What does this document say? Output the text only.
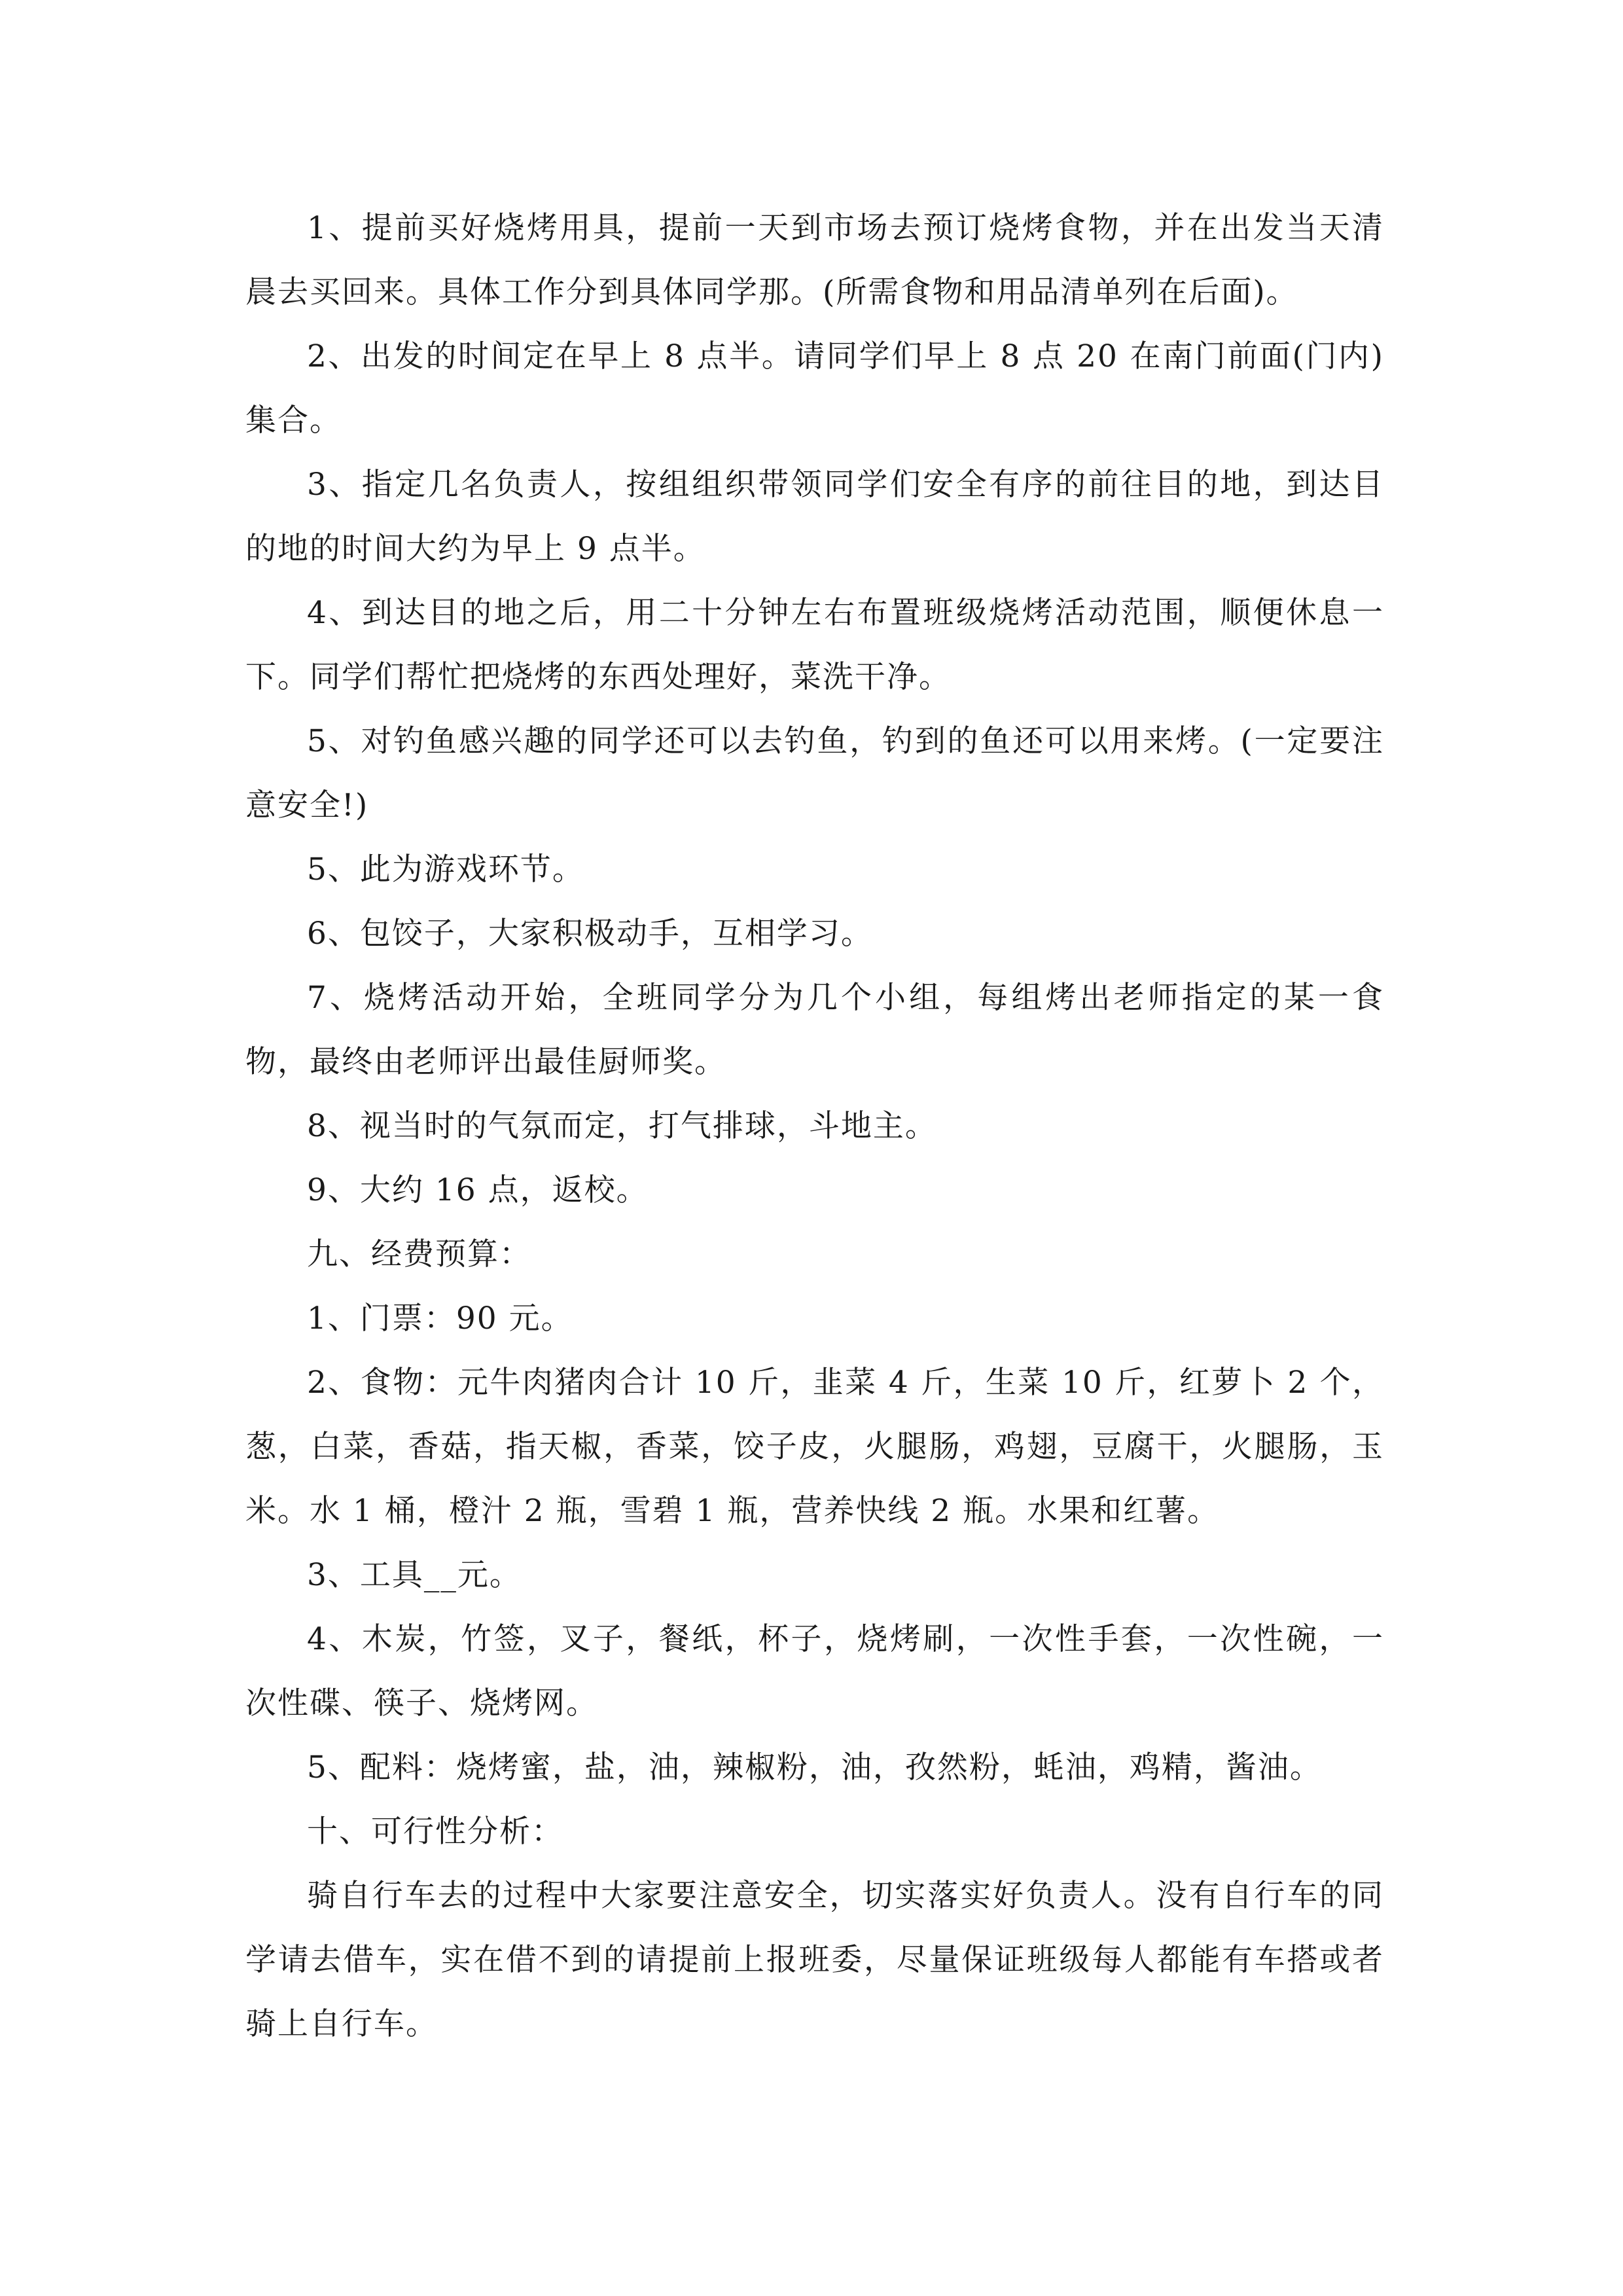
1、提前买好烧烤用具，提前一天到市场去预订烧烤食物，并在出发当天清晨去买回来。具体工作分到具体同学那。(所需食物和用品清单列在后面)。

2、出发的时间定在早上 8 点半。请同学们早上 8 点 20 在南门前面(门内)集合。

3、指定几名负责人，按组组织带领同学们安全有序的前往目的地，到达目的地的时间大约为早上 9 点半。

4、到达目的地之后，用二十分钟左右布置班级烧烤活动范围，顺便休息一下。同学们帮忙把烧烤的东西处理好，菜洗干净。

5、对钓鱼感兴趣的同学还可以去钓鱼，钓到的鱼还可以用来烤。(一定要注意安全!)

5、此为游戏环节。

6、包饺子，大家积极动手，互相学习。

7、烧烤活动开始，全班同学分为几个小组，每组烤出老师指定的某一食物，最终由老师评出最佳厨师奖。

8、视当时的气氛而定，打气排球，斗地主。

9、大约 16 点，返校。

九、经费预算：

1、门票：90 元。

2、食物：元牛肉猪肉合计 10 斤，韭菜 4 斤，生菜 10 斤，红萝卜 2 个，葱，白菜，香菇，指天椒，香菜，饺子皮，火腿肠，鸡翅，豆腐干，火腿肠，玉米。水 1 桶，橙汁 2 瓶，雪碧 1 瓶，营养快线 2 瓶。水果和红薯。

3、工具__元。

4、木炭，竹签，叉子，餐纸，杯子，烧烤刷，一次性手套，一次性碗，一次性碟、筷子、烧烤网。

5、配料：烧烤蜜，盐，油，辣椒粉，油，孜然粉，蚝油，鸡精，酱油。

十、可行性分析：

骑自行车去的过程中大家要注意安全，切实落实好负责人。没有自行车的同学请去借车，实在借不到的请提前上报班委，尽量保证班级每人都能有车搭或者骑上自行车。
